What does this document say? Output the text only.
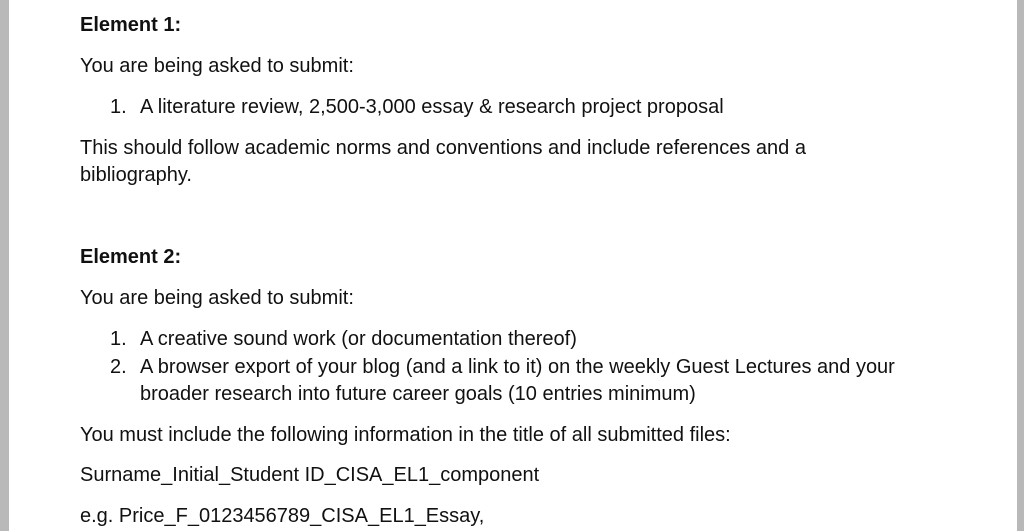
Element 1:
You are being asked to submit:
1. A literature review, 2,500-3,000 essay & research project proposal
This should follow academic norms and conventions and include references and a bibliography.
Element 2:
You are being asked to submit:
1. A creative sound work (or documentation thereof)
2. A browser export of your blog (and a link to it) on the weekly Guest Lectures and your broader research into future career goals (10 entries minimum)
You must include the following information in the title of all submitted files:
Surname_Initial_Student ID_CISA_EL1_component
e.g. Price_F_0123456789_CISA_EL1_Essay,
